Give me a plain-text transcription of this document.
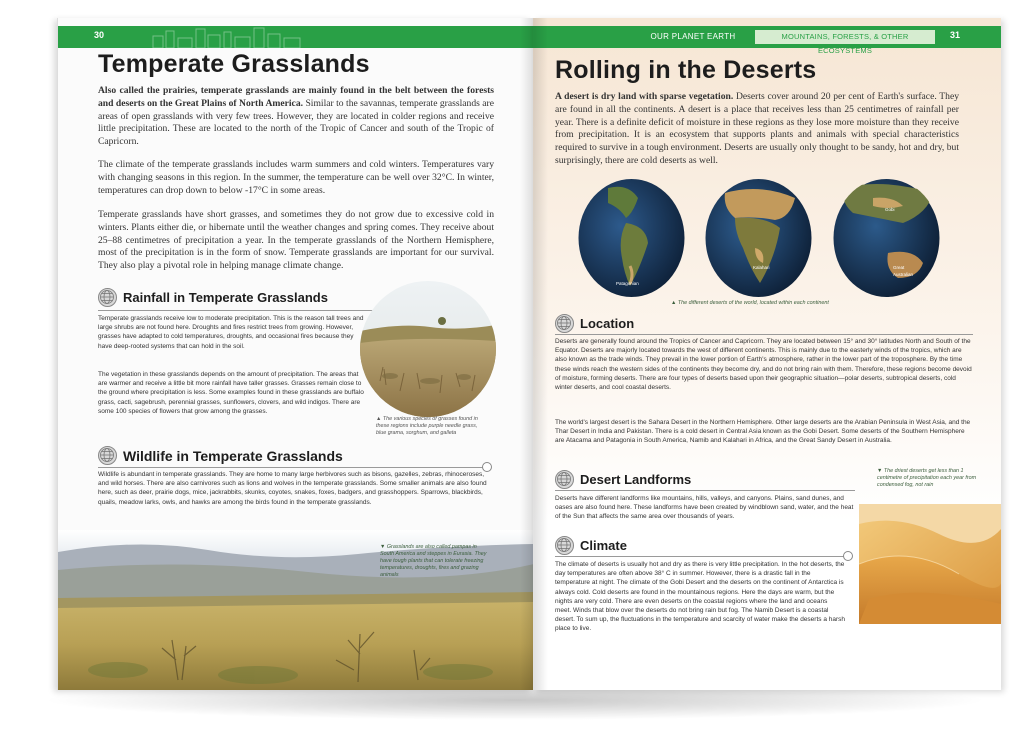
30
Temperate Grasslands

Also called the prairies, temperate grasslands are mainly found in the belt between the forests and deserts on the Great Plains of North America. Similar to the savannas, temperate grasslands are areas of open grasslands with very few trees. However, they are located in colder regions and receive little precipitation. These are located to the north of the Tropic of Cancer and south of the Tropic of Capricorn.

The climate of the temperate grasslands includes warm summers and cold winters. Temperatures vary with changing seasons in this region. In the summer, the temperature can be well over 32°C. In winter, temperatures can drop down to below -17°C in some areas.

Temperate grasslands have short grasses, and sometimes they do not grow due to excessive cold in winters. Plants either die, or hibernate until the weather changes and spring comes. They receive about 25–88 centimetres of precipitation a year. In the temperate grasslands of the Northern Hemisphere, most of the precipitation is in the form of snow. Temperate grasslands are important for our survival. They also play a pivotal role in helping manage climate change.

Rainfall in Temperate Grasslands

Temperate grasslands receive low to moderate precipitation. This is the reason tall trees and large shrubs are not found here. Droughts and fires restrict trees from growing. However, grasses have adapted to cold temperatures, droughts, and occasional fires because they have deep-rooted systems that can hold in the soil.

The vegetation in these grasslands depends on the amount of precipitation. The areas that are warmer and receive a little bit more rainfall have taller grasses. Grasses remain close to the ground where precipitation is less. Some examples found in these grasslands are buffalo grass, cacti, sagebrush, perennial grasses, sunflowers, clovers, and wild indigos. There are some 100 species of flowers that grow among the grasses.

▲ The various species of grasses found in these regions include purple needle grass, blue grama, sorghum, and galleta

Wildlife in Temperate Grasslands

Wildlife is abundant in temperate grasslands. They are home to many large herbivores such as bisons, gazelles, zebras, rhinoceroses, and wild horses. There are also carnivores such as lions and wolves in the temperate grasslands. Some smaller animals are also found here, such as deer, prairie dogs, mice, jackrabbits, skunks, coyotes, snakes, foxes, badgers, and grasshoppers. Sparrows, blackbirds, quails, meadow larks, owls, and hawks are among the birds found in the temperate grasslands.

▼ Grasslands are also called pampas in South America and steppes in Eurasia. They have tough plants that can tolerate freezing temperatures, droughts, fires and grazing animals

OUR PLANET EARTH	MOUNTAINS, FORESTS, & OTHER ECOSYSTEMS
31
Rolling in the Deserts

A desert is dry land with sparse vegetation. Deserts cover around 20 per cent of Earth's surface. They are found in all the continents. A desert is a place that receives less than 25 centimetres of rainfall per year. There is a definite deficit of moisture in these regions as they lose more moisture than they receive from precipitation. It is an ecosystem that supports plants and animals with special characteristics required to survive in a tough environment. Deserts are usually only thought to be sandy, hot and dry, but surprisingly, there are cold deserts as well.

Patagonian
Kalahari
Gobi
Great Australian

▲ The different deserts of the world, located within each continent

Location

Deserts are generally found around the Tropics of Cancer and Capricorn. They are located between 15° and 30° latitudes North and South of the Equator. Deserts are majorly located towards the west of different continents. This is mainly due to the easterly winds of the tropics, which are also known as the trade winds. They prevail in the lower portion of Earth's atmosphere, rather in the lower part of the troposphere. By the time these winds reach the western sides of the continents they become dry, and do not bring rain with them. Therefore, these regions become devoid of moisture, forming deserts. There are four types of deserts based upon their geographic situation—polar deserts, subtropical deserts, cold winter deserts, and cool coastal deserts.

The world's largest desert is the Sahara Desert in the Northern Hemisphere. Other large deserts are the Arabian Peninsula in West Asia, and the Thar Desert in India and Pakistan. There is a cold desert in Central Asia known as the Gobi Desert. Some deserts of the Southern Hemisphere are Atacama and Patagonia in South America, Namib and Kalahari in Africa, and the Great Sandy Desert in Australia.

Desert Landforms

Deserts have different landforms like mountains, hills, valleys, and canyons. Plains, sand dunes, and oases are also found here. These landforms have been created by windblown sand, water, and the heat of the Sun that affects the same area over thousands of years.

Climate

The climate of deserts is usually hot and dry as there is very little precipitation. In the hot deserts, the day temperatures are often above 38° C in summer. However, there is a drastic fall in the temperature at night. The climate of the Gobi Desert and the deserts on the continent of Antarctica is always cold. Cold deserts are found in the mountainous regions. Here the days are warm, but the nights are very cold. There are even deserts on the coastal regions where the land and oceans meet. Winds that blow over the deserts do not bring rain but fog. The Namib Desert is a coastal desert. To sum up, the fluctuations in the temperature and scarcity of water make the deserts a harsh place to live.

▼ The driest deserts get less than 1 centimetre of precipitation each year from condensed fog, not rain
